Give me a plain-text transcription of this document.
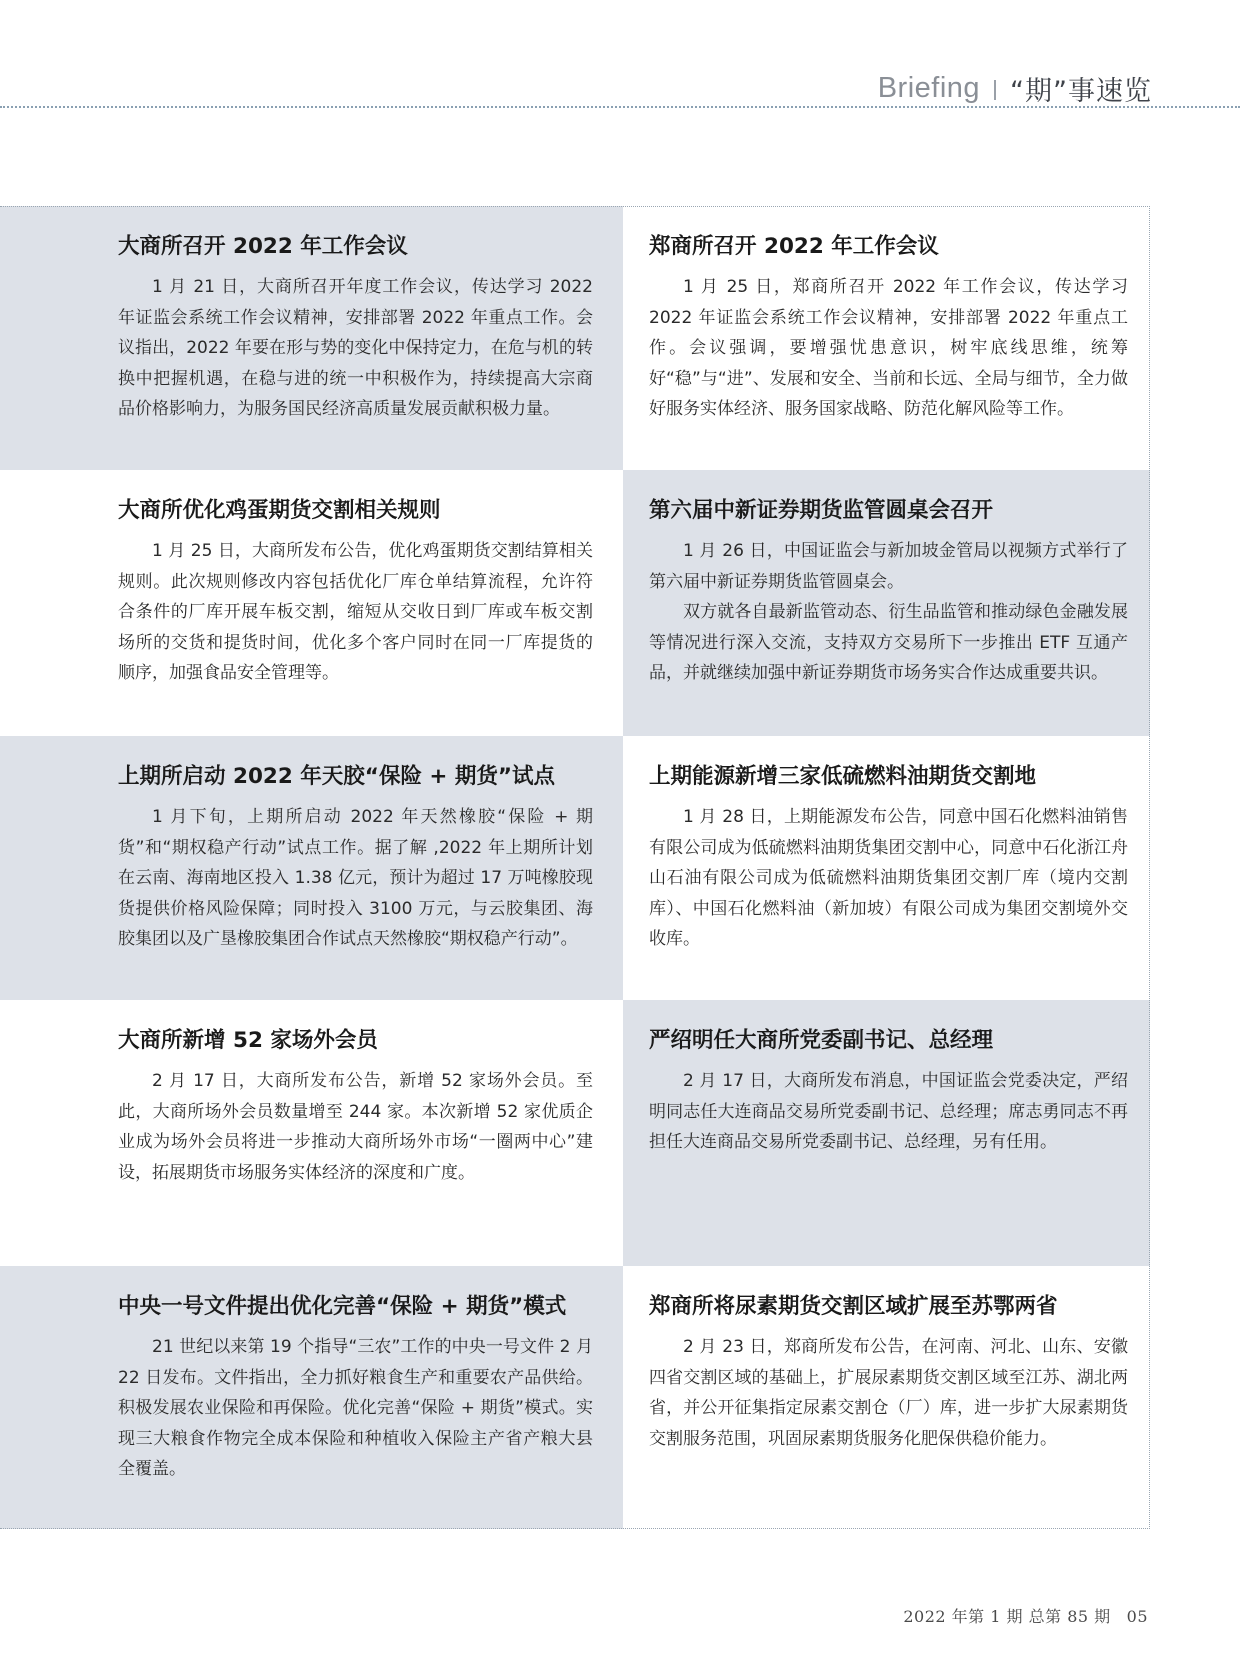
Briefing “期”事速览
大商所召开 2022 年工作会议

1 月 21 日，大商所召开年度工作会议，传达学习 2022 年证监会系统工作会议精神，安排部署 2022 年重点工作。会议指出，2022 年要在形与势的变化中保持定力，在危与机的转换中把握机遇，在稳与进的统一中积极作为，持续提高大宗商品价格影响力，为服务国民经济高质量发展贡献积极力量。

郑商所召开 2022 年工作会议

1 月 25 日，郑商所召开 2022 年工作会议，传达学习 2022 年证监会系统工作会议精神，安排部署 2022 年重点工作。会议强调，要增强忧患意识，树牢底线思维，统筹好“稳”与“进”、发展和安全、当前和长远、全局与细节，全力做好服务实体经济、服务国家战略、防范化解风险等工作。

大商所优化鸡蛋期货交割相关规则

1 月 25 日，大商所发布公告，优化鸡蛋期货交割结算相关规则。此次规则修改内容包括优化厂库仓单结算流程，允许符合条件的厂库开展车板交割，缩短从交收日到厂库或车板交割场所的交货和提货时间，优化多个客户同时在同一厂库提货的顺序，加强食品安全管理等。

第六届中新证券期货监管圆桌会召开

1 月 26 日，中国证监会与新加坡金管局以视频方式举行了第六届中新证券期货监管圆桌会。

双方就各自最新监管动态、衍生品监管和推动绿色金融发展等情况进行深入交流，支持双方交易所下一步推出 ETF 互通产品，并就继续加强中新证券期货市场务实合作达成重要共识。

上期所启动 2022 年天胶“保险 + 期货”试点

1 月下旬，上期所启动 2022 年天然橡胶“保险 + 期货”和“期权稳产行动”试点工作。据了解 ,2022 年上期所计划在云南、海南地区投入 1.38 亿元，预计为超过 17 万吨橡胶现货提供价格风险保障；同时投入 3100 万元，与云胶集团、海胶集团以及广垦橡胶集团合作试点天然橡胶“期权稳产行动”。

上期能源新增三家低硫燃料油期货交割地

1 月 28 日，上期能源发布公告，同意中国石化燃料油销售有限公司成为低硫燃料油期货集团交割中心，同意中石化浙江舟山石油有限公司成为低硫燃料油期货集团交割厂库（境内交割库）、中国石化燃料油（新加坡）有限公司成为集团交割境外交收库。

大商所新增 52 家场外会员

2 月 17 日，大商所发布公告，新增 52 家场外会员。至此，大商所场外会员数量增至 244 家。本次新增 52 家优质企业成为场外会员将进一步推动大商所场外市场“一圈两中心”建设，拓展期货市场服务实体经济的深度和广度。

严绍明任大商所党委副书记、总经理

2 月 17 日，大商所发布消息，中国证监会党委决定，严绍明同志任大连商品交易所党委副书记、总经理；席志勇同志不再担任大连商品交易所党委副书记、总经理，另有任用。

中央一号文件提出优化完善“保险 + 期货”模式

21 世纪以来第 19 个指导“三农”工作的中央一号文件 2 月 22 日发布。文件指出，全力抓好粮食生产和重要农产品供给。积极发展农业保险和再保险。优化完善“保险 + 期货”模式。实现三大粮食作物完全成本保险和种植收入保险主产省产粮大县全覆盖。

郑商所将尿素期货交割区域扩展至苏鄂两省

2 月 23 日，郑商所发布公告，在河南、河北、山东、安徽四省交割区域的基础上，扩展尿素期货交割区域至江苏、湖北两省，并公开征集指定尿素交割仓（厂）库，进一步扩大尿素期货交割服务范围，巩固尿素期货服务化肥保供稳价能力。

2022 年第 1 期 总第 85 期 05
